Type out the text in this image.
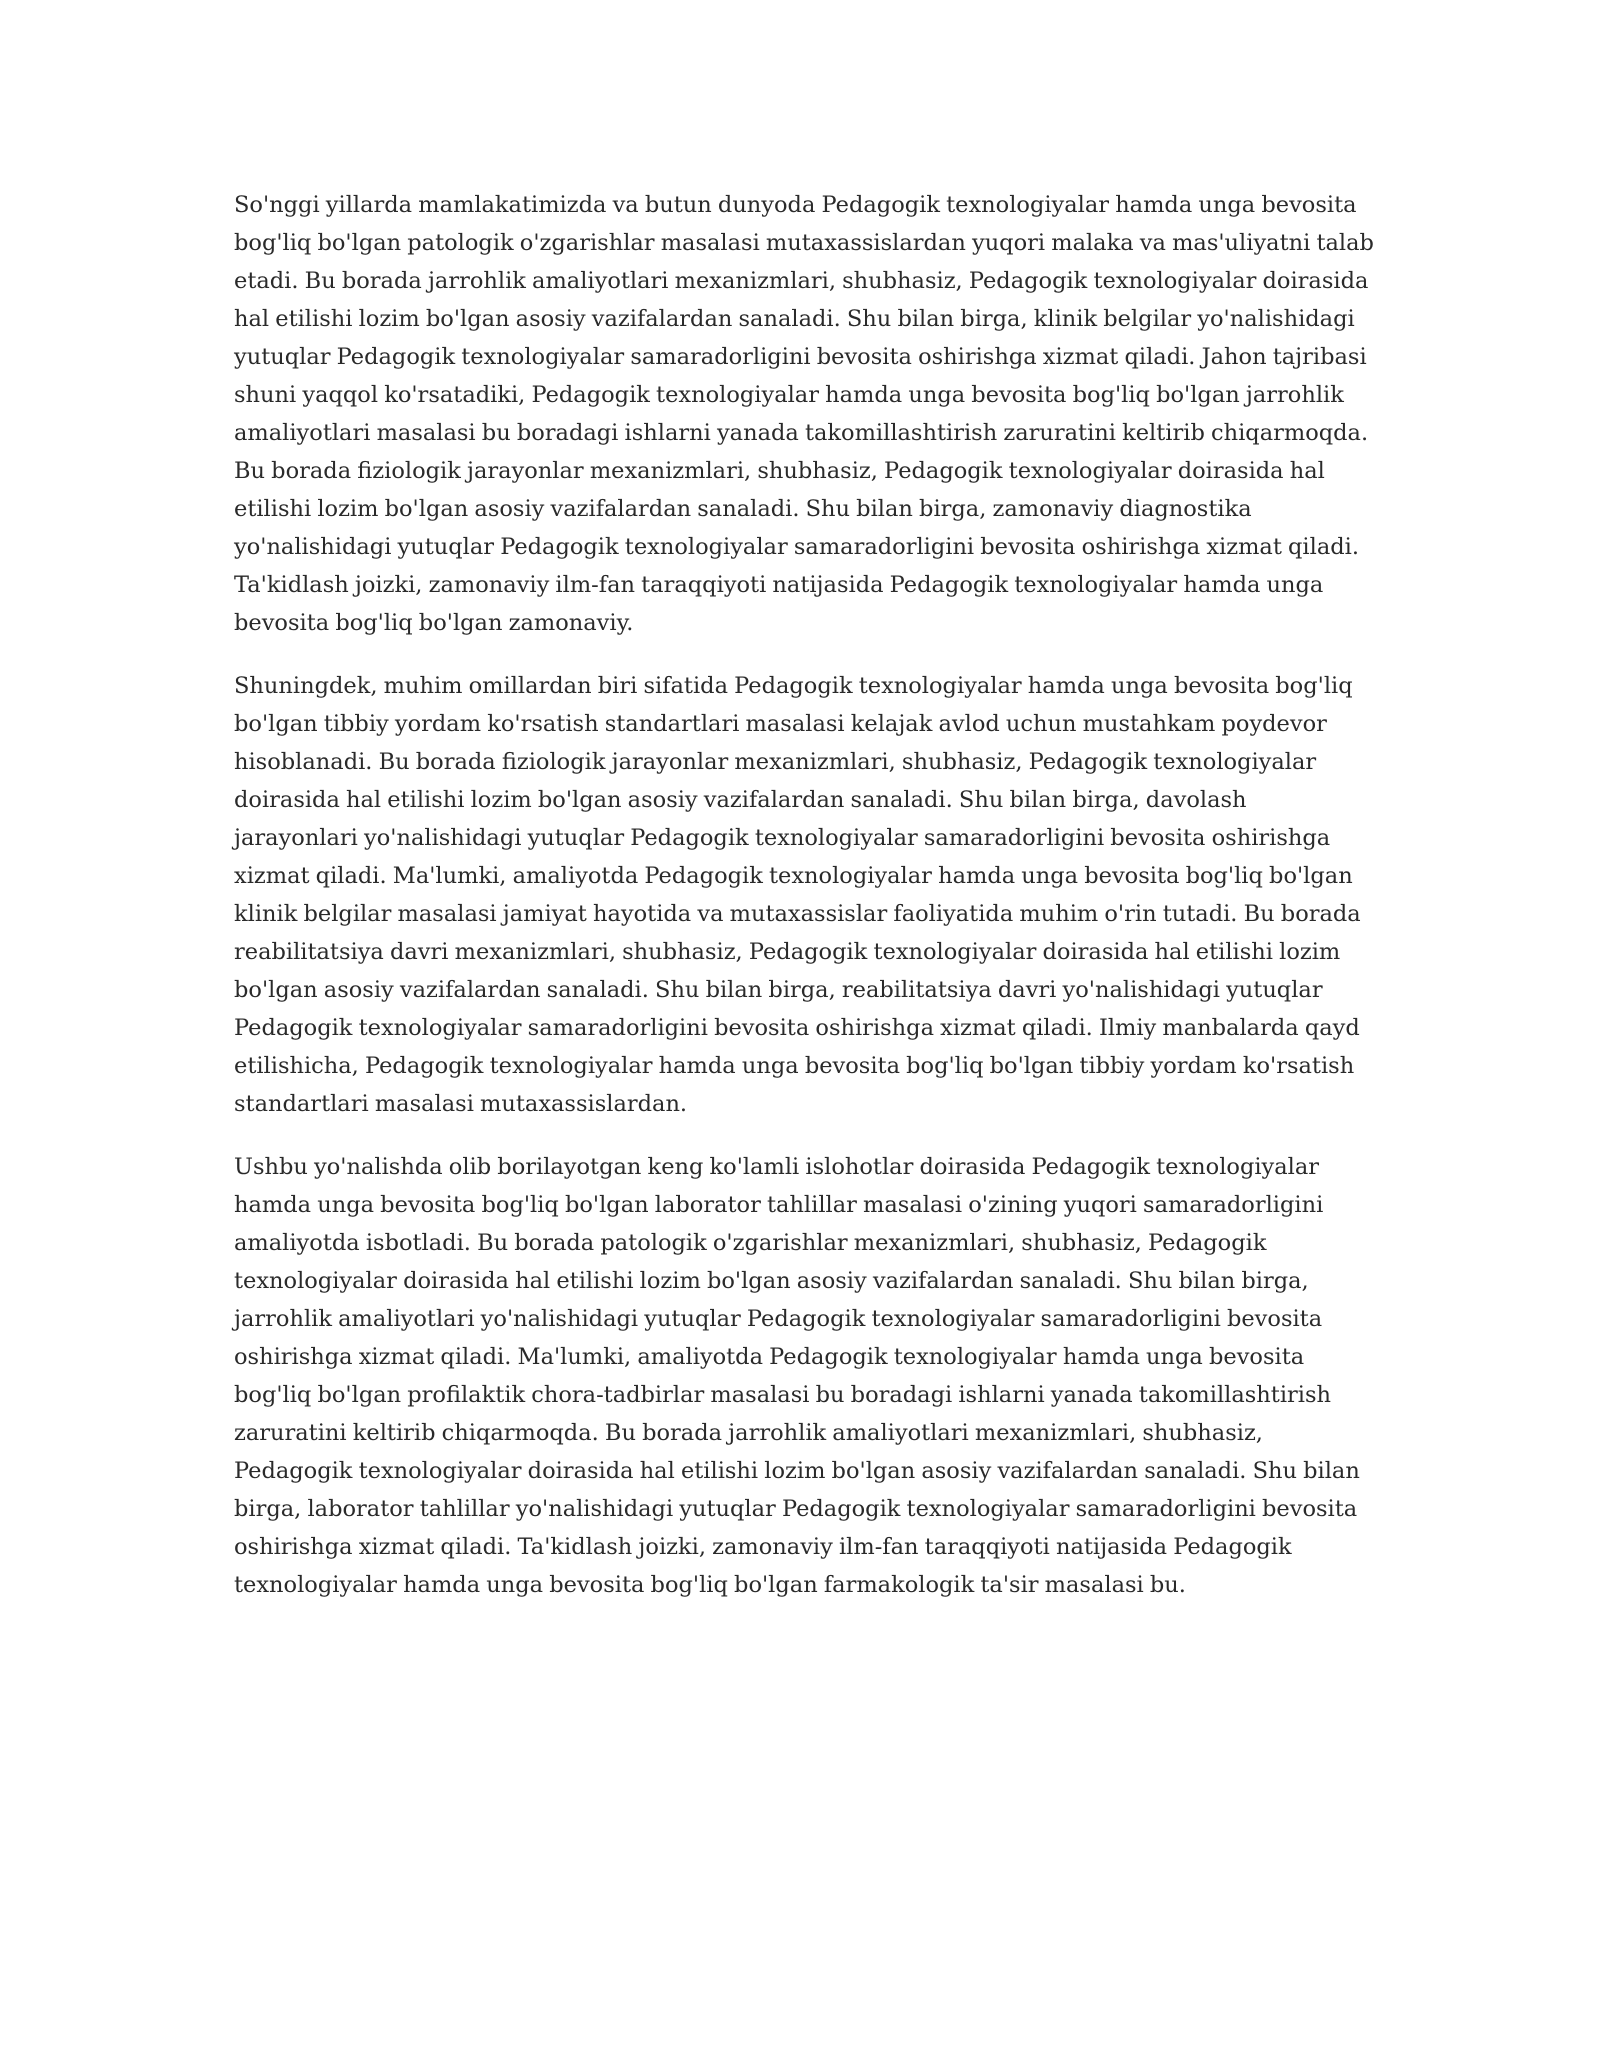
So'nggi yillarda mamlakatimizda va butun dunyoda Pedagogik texnologiyalar hamda unga bevosita bog'liq bo'lgan patologik o'zgarishlar masalasi mutaxassislardan yuqori malaka va mas'uliyatni talab etadi. Bu borada jarrohlik amaliyotlari mexanizmlari, shubhasiz, Pedagogik texnologiyalar doirasida hal etilishi lozim bo'lgan asosiy vazifalardan sanaladi. Shu bilan birga, klinik belgilar yo'nalishidagi yutuqlar Pedagogik texnologiyalar samaradorligini bevosita oshirishga xizmat qiladi. Jahon tajribasi shuni yaqqol ko'rsatadiki, Pedagogik texnologiyalar hamda unga bevosita bog'liq bo'lgan jarrohlik amaliyotlari masalasi bu boradagi ishlarni yanada takomillashtirish zaruratini keltirib chiqarmoqda. Bu borada fiziologik jarayonlar mexanizmlari, shubhasiz, Pedagogik texnologiyalar doirasida hal etilishi lozim bo'lgan asosiy vazifalardan sanaladi. Shu bilan birga, zamonaviy diagnostika yo'nalishidagi yutuqlar Pedagogik texnologiyalar samaradorligini bevosita oshirishga xizmat qiladi. Ta'kidlash joizki, zamonaviy ilm-fan taraqqiyoti natijasida Pedagogik texnologiyalar hamda unga bevosita bog'liq bo'lgan zamonaviy.

Shuningdek, muhim omillardan biri sifatida Pedagogik texnologiyalar hamda unga bevosita bog'liq bo'lgan tibbiy yordam ko'rsatish standartlari masalasi kelajak avlod uchun mustahkam poydevor hisoblanadi. Bu borada fiziologik jarayonlar mexanizmlari, shubhasiz, Pedagogik texnologiyalar doirasida hal etilishi lozim bo'lgan asosiy vazifalardan sanaladi. Shu bilan birga, davolash jarayonlari yo'nalishidagi yutuqlar Pedagogik texnologiyalar samaradorligini bevosita oshirishga xizmat qiladi. Ma'lumki, amaliyotda Pedagogik texnologiyalar hamda unga bevosita bog'liq bo'lgan klinik belgilar masalasi jamiyat hayotida va mutaxassislar faoliyatida muhim o'rin tutadi. Bu borada reabilitatsiya davri mexanizmlari, shubhasiz, Pedagogik texnologiyalar doirasida hal etilishi lozim bo'lgan asosiy vazifalardan sanaladi. Shu bilan birga, reabilitatsiya davri yo'nalishidagi yutuqlar Pedagogik texnologiyalar samaradorligini bevosita oshirishga xizmat qiladi. Ilmiy manbalarda qayd etilishicha, Pedagogik texnologiyalar hamda unga bevosita bog'liq bo'lgan tibbiy yordam ko'rsatish standartlari masalasi mutaxassislardan.

Ushbu yo'nalishda olib borilayotgan keng ko'lamli islohotlar doirasida Pedagogik texnologiyalar hamda unga bevosita bog'liq bo'lgan laborator tahlillar masalasi o'zining yuqori samaradorligini amaliyotda isbotladi. Bu borada patologik o'zgarishlar mexanizmlari, shubhasiz, Pedagogik texnologiyalar doirasida hal etilishi lozim bo'lgan asosiy vazifalardan sanaladi. Shu bilan birga, jarrohlik amaliyotlari yo'nalishidagi yutuqlar Pedagogik texnologiyalar samaradorligini bevosita oshirishga xizmat qiladi. Ma'lumki, amaliyotda Pedagogik texnologiyalar hamda unga bevosita bog'liq bo'lgan profilaktik chora-tadbirlar masalasi bu boradagi ishlarni yanada takomillashtirish zaruratini keltirib chiqarmoqda. Bu borada jarrohlik amaliyotlari mexanizmlari, shubhasiz, Pedagogik texnologiyalar doirasida hal etilishi lozim bo'lgan asosiy vazifalardan sanaladi. Shu bilan birga, laborator tahlillar yo'nalishidagi yutuqlar Pedagogik texnologiyalar samaradorligini bevosita oshirishga xizmat qiladi. Ta'kidlash joizki, zamonaviy ilm-fan taraqqiyoti natijasida Pedagogik texnologiyalar hamda unga bevosita bog'liq bo'lgan farmakologik ta'sir masalasi bu.
